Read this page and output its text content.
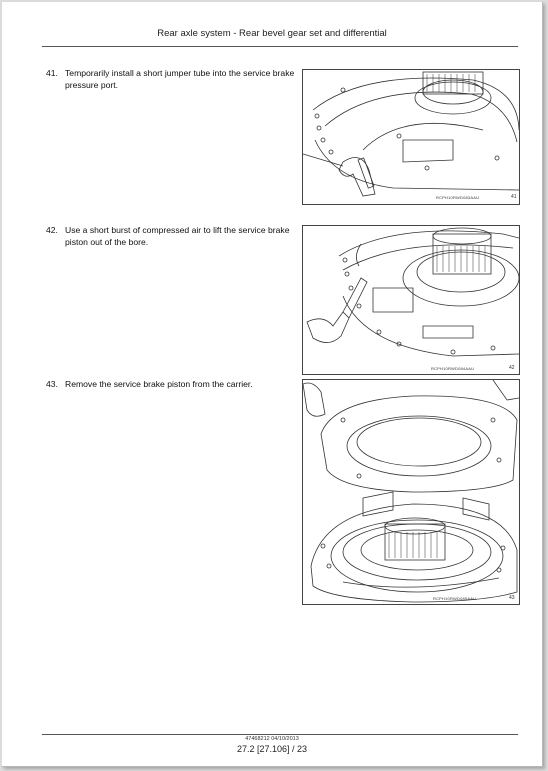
Rear axle system - Rear bevel gear set and differential
41. Temporarily install a short jumper tube into the service brake pressure port.
RCPH10RWD083AAU	41
42. Use a short burst of compressed air to lift the service brake piston out of the bore.
RCPH10RWD084AAU	42
43. Remove the service brake piston from the carrier.
RCPH10RWD085AAU	43
47468212 04/10/2013
27.2 [27.106] / 23
